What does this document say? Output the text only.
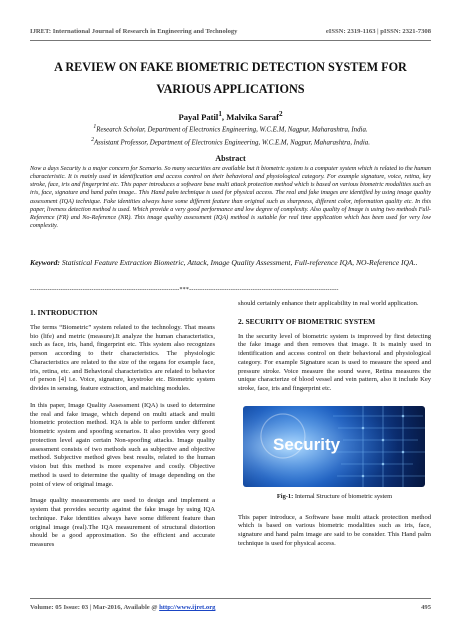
IJRET: International Journal of Research in Engineering and Technology	eISSN: 2319-1163 | pISSN: 2321-7308
A REVIEW ON FAKE BIOMETRIC DETECTION SYSTEM FOR
VARIOUS APPLICATIONS
Payal Patil$^1$, Malvika Saraf$^2$
$^1$Research Scholar, Department of Electronics Engineering, W.C.E.M, Nagpur, Maharashtra, India.
$^2$Assistant Professor, Department of Electronics Engineering, W.C.E.M, Nagpur, Maharashtra, India.
Abstract
Now a days Security is a major concern for Scenario. So many securities are available but it biometric system is a computer system which is related to the human characteristic. It is mainly used in identification and access control on their behavioral and physiological category. For example signature, voice, retina, key stroke, face, iris and fingerprint etc. This paper introduces a software base multi attack protection method which is based on various biometric modalities such as iris, face, signature and hand palm image.. This Hand palm technique is used for physical access. The real and fake images are identified by using image quality assessment (IQA) technique. Fake identities always have some different feature than original such as sharpness, different color, information quality etc. In this paper, liveness detection method is used. Which provide a very good performance and low degree of complexity. Also quality of Image is using two methods Full- Reference (FR) and No-Reference (NR). This image quality assessment (IQA) method is suitable for real time application which has been used for very low complexity.
Keyword: Statistical Feature Extraction Biometric, Attack, Image Quality Assessment, Full-reference IQA, NO-Reference IQA..
--------------------------------------------------------------------***--------------------------------------------------------------------
1. INTRODUCTION

The terms “Biometric” system related to the technology. That means bio (life) and metric (measure).It analyze the human characteristics, such as face, iris, hand, fingerprint etc. This system also recognizes person according to their characteristics. The physiologic Characteristics are related to the size of the organs for example face, iris, retina, etc. and Behavioral characteristics are related to behavior of person [4] i.e. Voice, signature, keystroke etc. Biometric system divides in sensing, feature extraction, and matching modules.

In this paper, Image Quality Assessment (IQA) is used to determine the real and fake image, which depend on multi attack and multi biometric protection method. IQA is able to perform under different biometric system and spoofing scenarios. It also provides very good protection level again certain Non-spoofing attacks. Image quality assessment consists of two methods such as subjective and objective method. Subjective method gives best results, related to the human vision but this method is more expensive and costly. Objective method is used to determine the quality of image depending on the point of view of original image.

Image quality measurements are used to design and implement a system that provides security against the fake image by using IQA technique. Fake identities always have some different feature than original image (real).The IQA measurement of structural distortion should be a good approximation. So the efficient and accurate measures

should certainly enhance their applicability in real world application.

2. SECURITY OF BIOMETRIC SYSTEM

In the security level of biometric system is improved by first detecting the fake image and then removes that image. It is mainly used in identification and access control on their behavioral and physiological category. For example Signature scan is used to measure the speed and pressure stroke. Voice measure the sound wave, Retina measures the unique characterize of blood vessel and vein pattern, also it include Key stroke, face, iris and fingerprint etc.

Security
Fig-1: Internal Structure of biometric system

This paper introduce, a Software base multi attack protection method which is based on various biometric modalities such as iris, face, signature and hand palm image are said to be consider. This Hand palm technique is used for physical access.

Volume: 05 Issue: 03 | Mar-2016, Available @ http://www.ijret.org	495
